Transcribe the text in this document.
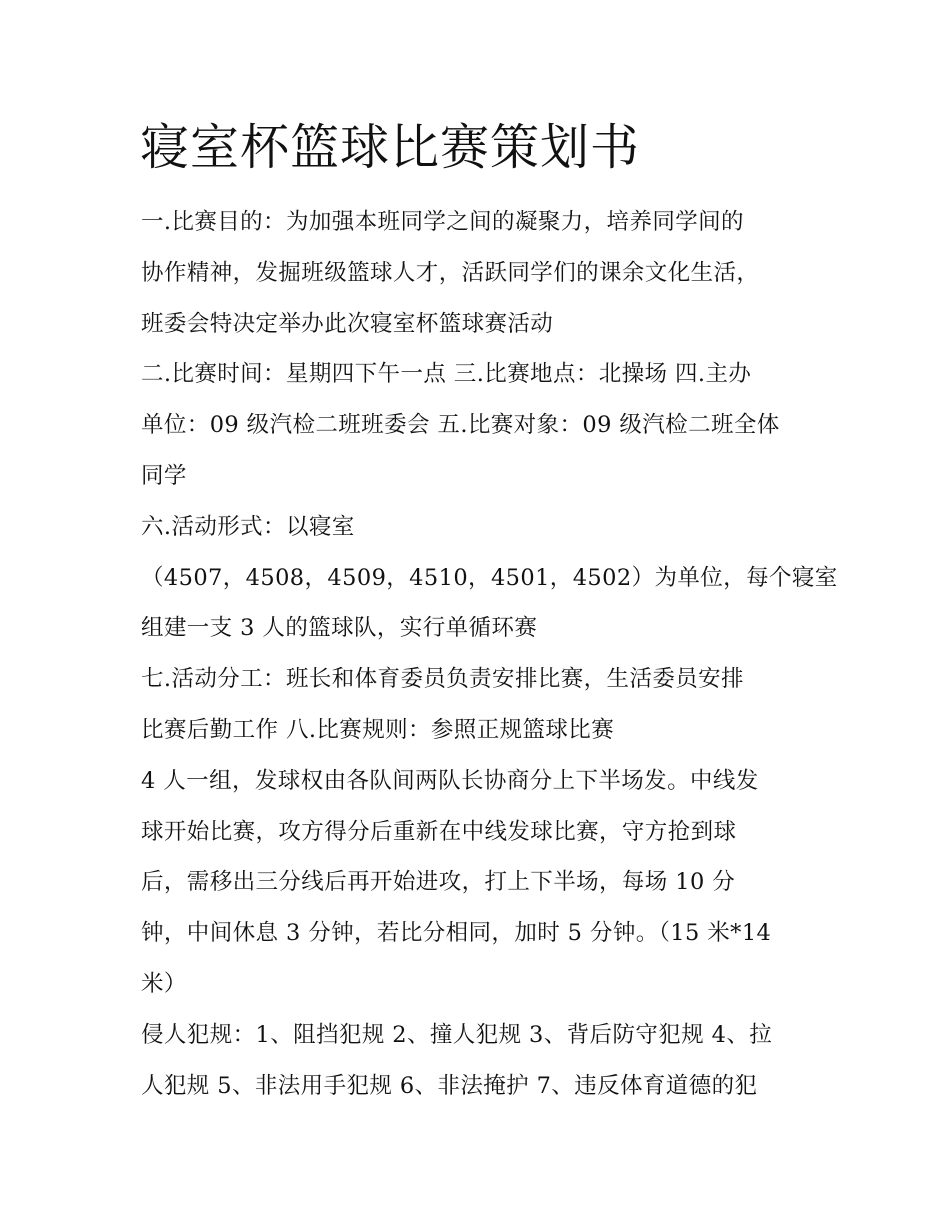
寝室杯篮球比赛策划书
一.比赛目的：为加强本班同学之间的凝聚力，培养同学间的
协作精神，发掘班级篮球人才，活跃同学们的课余文化生活，
班委会特决定举办此次寝室杯篮球赛活动
二.比赛时间：星期四下午一点 三.比赛地点：北操场 四.主办
单位：09 级汽检二班班委会 五.比赛对象：09 级汽检二班全体
同学
六.活动形式：以寝室
（4507，4508，4509，4510，4501，4502）为单位，每个寝室
组建一支 3 人的篮球队，实行单循环赛
七.活动分工：班长和体育委员负责安排比赛，生活委员安排
比赛后勤工作 八.比赛规则：参照正规篮球比赛
4 人一组，发球权由各队间两队长协商分上下半场发。中线发
球开始比赛，攻方得分后重新在中线发球比赛，守方抢到球
后，需移出三分线后再开始进攻，打上下半场，每场 10 分
钟，中间休息 3 分钟，若比分相同，加时 5 分钟。（15 米*14
米）
侵人犯规：1、阻挡犯规 2、撞人犯规 3、背后防守犯规 4、拉
人犯规 5、非法用手犯规 6、非法掩护 7、违反体育道德的犯
